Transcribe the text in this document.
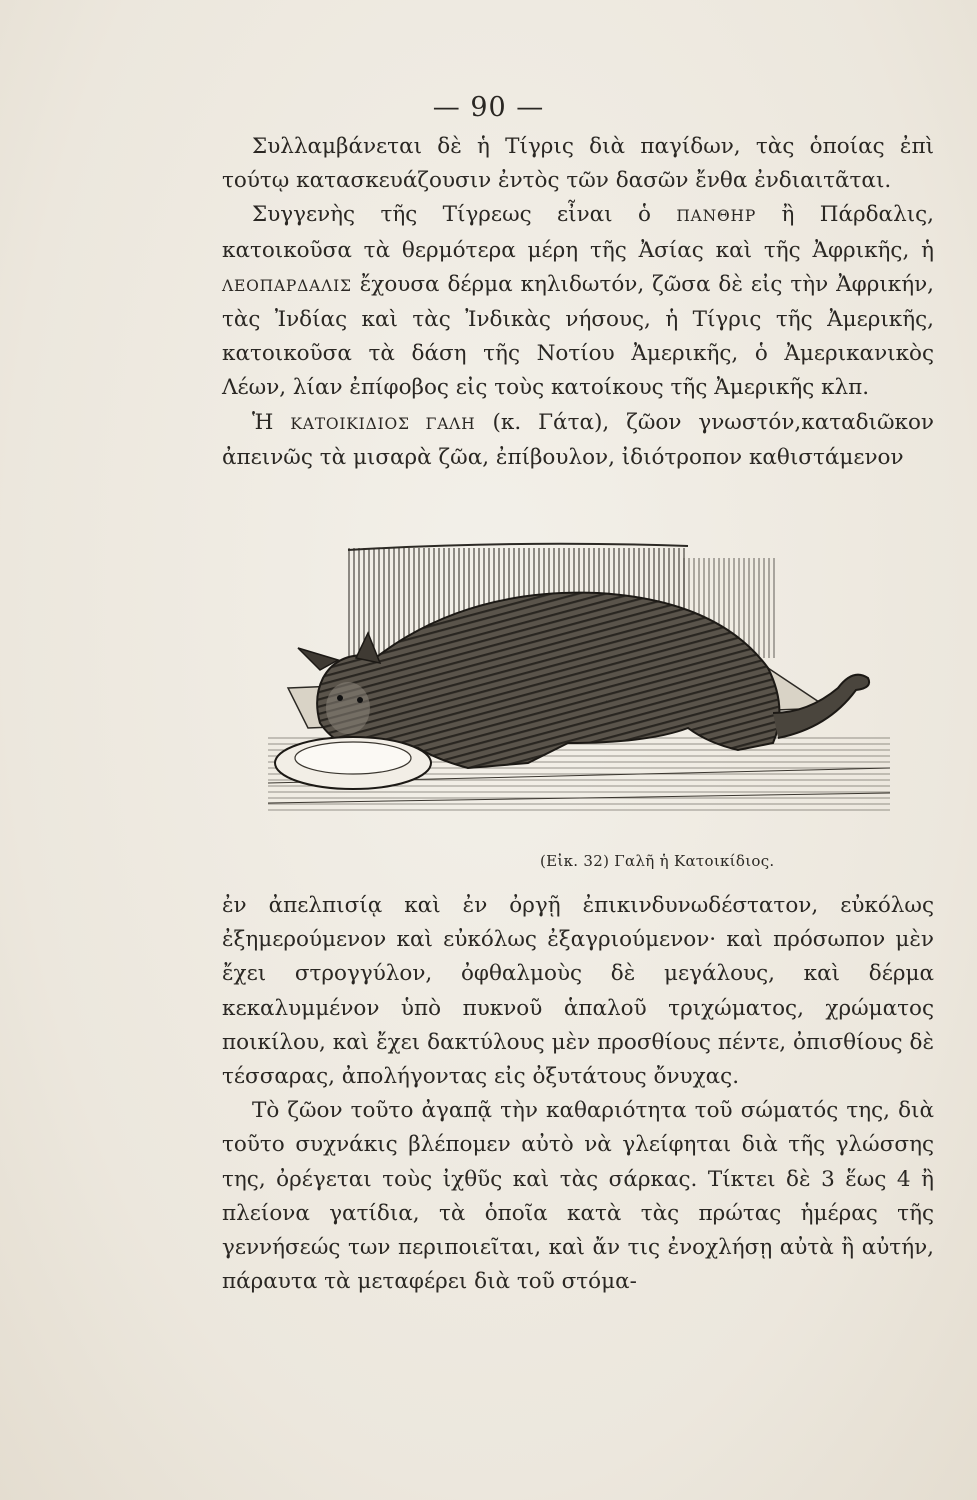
— 90 —

Συλλαμβάνεται δὲ ἡ Τίγρις διὰ παγίδων, τὰς ὁποίας ἐπὶ τούτῳ κατασκευάζουσιν ἐντὸς τῶν δασῶν ἔνθα ἐνδιαιτᾶται.

Συγγενὴς τῆς Τίγρεως εἶναι ὁ ΠΑΝΘΗΡ ἢ Πάρδαλις, κατοικοῦσα τὰ θερμότερα μέρη τῆς Ἀσίας καὶ τῆς Ἀφρικῆς, ἡ ΛΕΟΠΑΡΔΑΛΙΣ ἔχουσα δέρμα κηλιδωτόν, ζῶσα δὲ εἰς τὴν Ἀφρικήν, τὰς Ἰνδίας καὶ τὰς Ἰνδικὰς νήσους, ἡ Τίγρις τῆς Ἀμερικῆς, κατοικοῦσα τὰ δάση τῆς Νοτίου Ἀμερικῆς, ὁ Ἀμερικανικὸς Λέων, λίαν ἐπίφοβος εἰς τοὺς κατοίκους τῆς Ἀμερικῆς κλπ.

Ἡ ΚΑΤΟΙΚΙΔΙΟΣ ΓΑΛΗ (κ. Γάτα), ζῶον γνωστόν,καταδιῶκον ἀπεινῶς τὰ μισαρὰ ζῶα, ἐπίβουλον, ἰδιότροπον καθιστάμενον

(Εἰκ. 32) Γαλῆ ἡ Κατοικίδιος.

ἐν ἀπελπισίᾳ καὶ ἐν ὀργῇ ἐπικινδυνωδέστατον, εὐκόλως ἐξημερούμενον καὶ εὐκόλως ἐξαγριούμενον· καὶ πρόσωπον μὲν ἔχει στρογγύλον, ὀφθαλμοὺς δὲ μεγάλους, καὶ δέρμα κεκαλυμμένον ὑπὸ πυκνοῦ ἁπαλοῦ τριχώματος, χρώματος ποικίλου, καὶ ἔχει δακτύλους μὲν προσθίους πέντε, ὀπισθίους δὲ τέσσαρας, ἀπολήγοντας εἰς ὀξυτάτους ὄνυχας.

Τὸ ζῶον τοῦτο ἀγαπᾷ τὴν καθαριότητα τοῦ σώματός της, διὰ τοῦτο συχνάκις βλέπομεν αὐτὸ νὰ γλείφηται διὰ τῆς γλώσσης της, ὀρέγεται τοὺς ἰχθῦς καὶ τὰς σάρκας. Τίκτει δὲ 3 ἕως 4 ἢ πλείονα γατίδια, τὰ ὁποῖα κατὰ τὰς πρώτας ἡμέρας τῆς γεννήσεώς των περιποιεῖται, καὶ ἄν τις ἐνοχλήσῃ αὐτὰ ἢ αὐτήν, πάραυτα τὰ μεταφέρει διὰ τοῦ στόμα-
